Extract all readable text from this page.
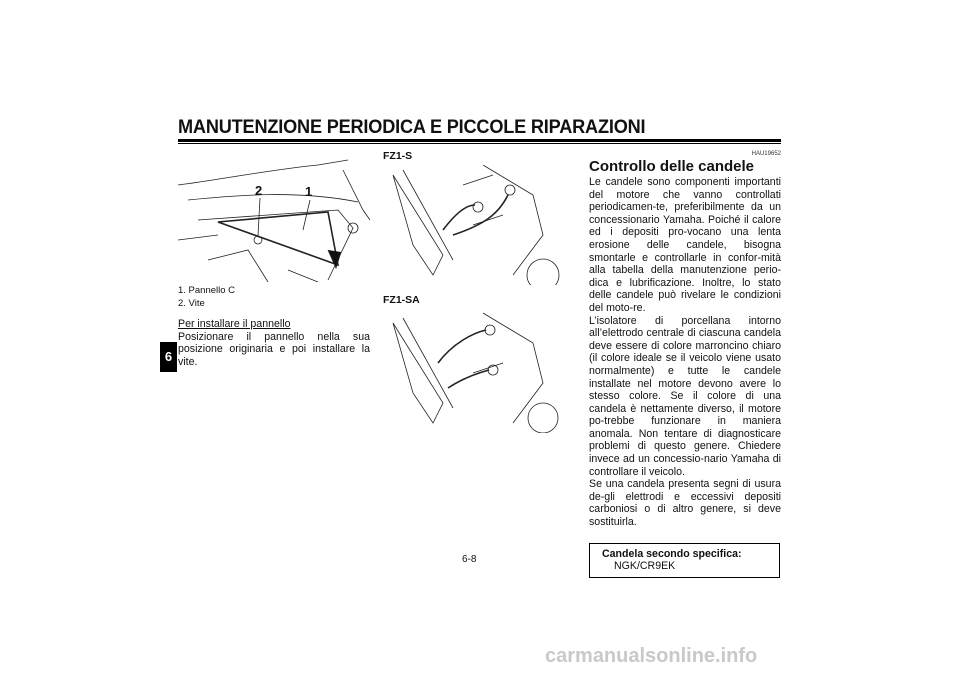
MANUTENZIONE PERIODICA E PICCOLE RIPARAZIONI
6
2	1
1. Pannello C
2. Vite
Per installare il pannello

Posizionare il pannello nella sua posizione originaria e poi installare la vite.

FZ1-S
FZ1-SA
HAU19652
Controllo delle candele

Le candele sono componenti importanti del motore che vanno controllati periodicamen-te, preferibilmente da un concessionario Yamaha. Poiché il calore ed i depositi pro-vocano una lenta erosione delle candele, bisogna smontarle e controllarle in confor-mità alla tabella della manutenzione perio-dica e lubrificazione. Inoltre, lo stato delle candele può rivelare le condizioni del moto-re.

L’isolatore di porcellana intorno all’elettrodo centrale di ciascuna candela deve essere di colore marroncino chiaro (il colore ideale se il veicolo viene usato normalmente) e tutte le candele installate nel motore devono avere lo stesso colore. Se il colore di una candela è nettamente diverso, il motore po-trebbe funzionare in maniera anomala. Non tentare di diagnosticare problemi di questo genere. Chiedere invece ad un concessio-nario Yamaha di controllare il veicolo.

Se una candela presenta segni di usura de-gli elettrodi e eccessivi depositi carboniosi o di altro genere, si deve sostituirla.

Candela secondo specifica:
NGK/CR9EK
6-8
carmanualsonline.info
